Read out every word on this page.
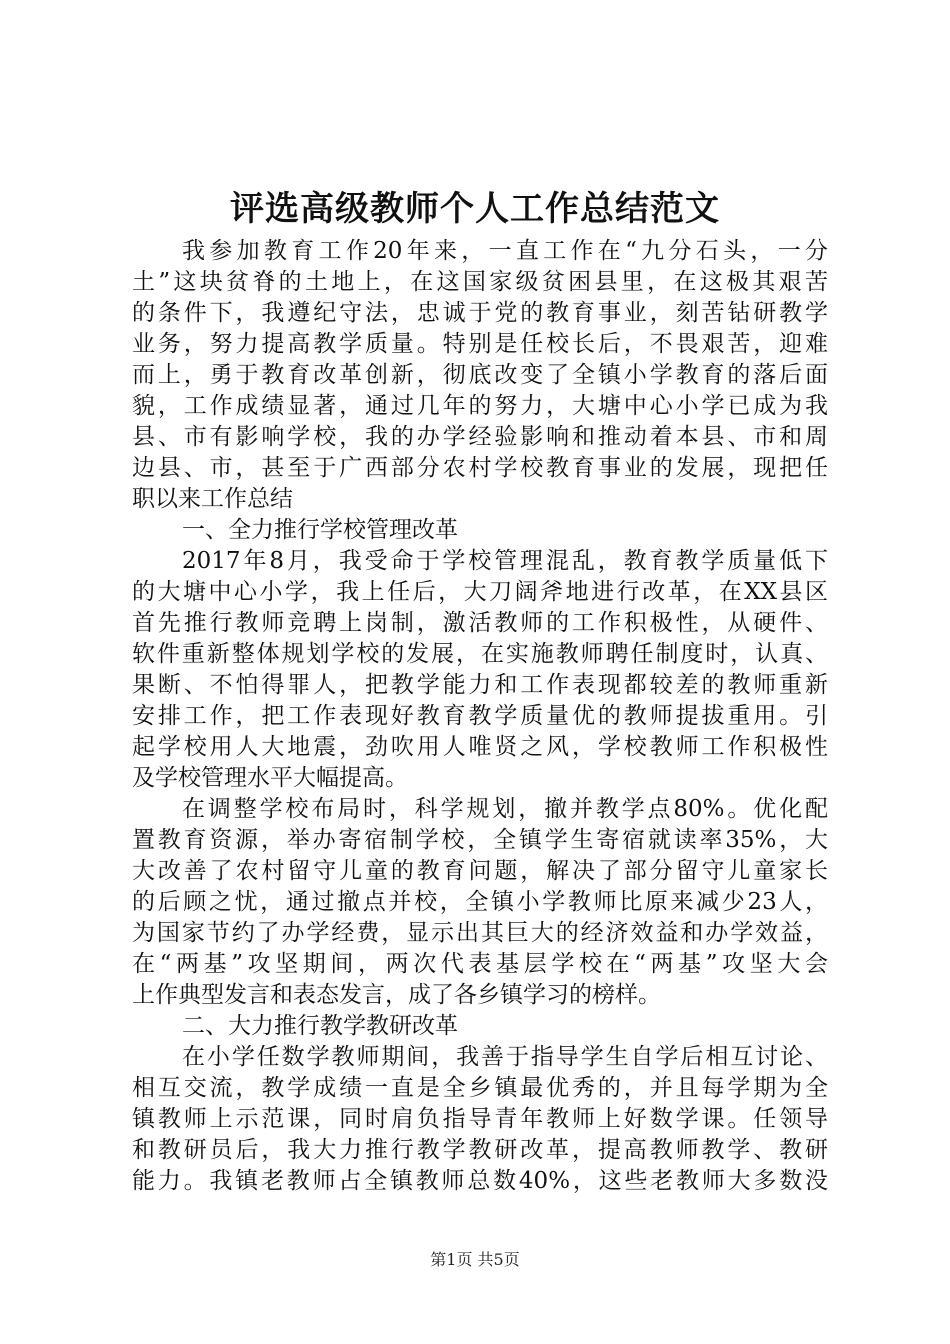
评选高级教师个人工作总结范文
我参加教育工作20年来，一直工作在“九分石头，一分
土”这块贫脊的土地上，在这国家级贫困县里，在这极其艰苦
的条件下，我遵纪守法，忠诚于党的教育事业，刻苦钻研教学
业务，努力提高教学质量。特别是任校长后，不畏艰苦，迎难
而上，勇于教育改革创新，彻底改变了全镇小学教育的落后面
貌，工作成绩显著，通过几年的努力，大塘中心小学已成为我
县、市有影响学校，我的办学经验影响和推动着本县、市和周
边县、市，甚至于广西部分农村学校教育事业的发展，现把任
职以来工作总结
一、全力推行学校管理改革
2017年8月，我受命于学校管理混乱，教育教学质量低下
的大塘中心小学，我上任后，大刀阔斧地进行改革，在XX县区
首先推行教师竞聘上岗制，激活教师的工作积极性，从硬件、
软件重新整体规划学校的发展，在实施教师聘任制度时，认真、
果断、不怕得罪人，把教学能力和工作表现都较差的教师重新
安排工作，把工作表现好教育教学质量优的教师提拔重用。引
起学校用人大地震，劲吹用人唯贤之风，学校教师工作积极性
及学校管理水平大幅提高。
在调整学校布局时，科学规划，撤并教学点80%。优化配
置教育资源，举办寄宿制学校，全镇学生寄宿就读率35%，大
大改善了农村留守儿童的教育问题，解决了部分留守儿童家长
的后顾之忧，通过撤点并校，全镇小学教师比原来减少23人，
为国家节约了办学经费，显示出其巨大的经济效益和办学效益，
在“两基”攻坚期间，两次代表基层学校在“两基”攻坚大会
上作典型发言和表态发言，成了各乡镇学习的榜样。
二、大力推行教学教研改革
在小学任数学教师期间，我善于指导学生自学后相互讨论、
相互交流，教学成绩一直是全乡镇最优秀的，并且每学期为全
镇教师上示范课，同时肩负指导青年教师上好数学课。任领导
和教研员后，我大力推行教学教研改革，提高教师教学、教研
能力。我镇老教师占全镇教师总数40%，这些老教师大多数没
第1页 共5页
